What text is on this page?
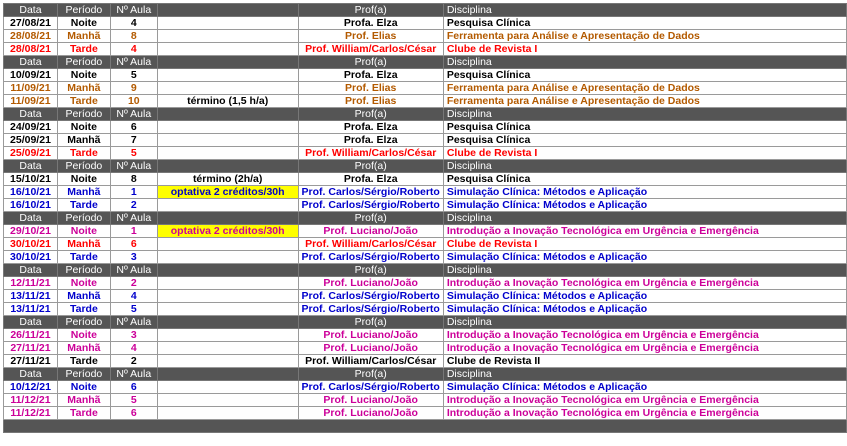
Data	Período	Nº Aula		Prof(a)	Disciplina
27/08/21	Noite	4		Profa. Elza	Pesquisa Clínica
28/08/21	Manhã	8		Prof. Elias	Ferramenta para Análise e Apresentação de Dados
28/08/21	Tarde	4		Prof. William/Carlos/César	Clube de Revista I
Data	Período	Nº Aula		Prof(a)	Disciplina
10/09/21	Noite	5		Profa. Elza	Pesquisa Clínica
11/09/21	Manhã	9		Prof. Elias	Ferramenta para Análise e Apresentação de Dados
11/09/21	Tarde	10	término (1,5 h/a)	Prof. Elias	Ferramenta para Análise e Apresentação de Dados
Data	Período	Nº Aula		Prof(a)	Disciplina
24/09/21	Noite	6		Profa. Elza	Pesquisa Clínica
25/09/21	Manhã	7		Profa. Elza	Pesquisa Clínica
25/09/21	Tarde	5		Prof. William/Carlos/César	Clube de Revista I
Data	Período	Nº Aula		Prof(a)	Disciplina
15/10/21	Noite	8	término (2h/a)	Profa. Elza	Pesquisa Clínica
16/10/21	Manhã	1	optativa 2 créditos/30h	Prof. Carlos/Sérgio/Roberto	Simulação Clínica: Métodos e Aplicação
16/10/21	Tarde	2		Prof. Carlos/Sérgio/Roberto	Simulação Clínica: Métodos e Aplicação
Data	Período	Nº Aula		Prof(a)	Disciplina
29/10/21	Noite	1	optativa 2 créditos/30h	Prof. Luciano/João	Introdução a Inovação Tecnológica em Urgência e Emergência
30/10/21	Manhã	6		Prof. William/Carlos/César	Clube de Revista I
30/10/21	Tarde	3		Prof. Carlos/Sérgio/Roberto	Simulação Clínica: Métodos e Aplicação
Data	Período	Nº Aula		Prof(a)	Disciplina
12/11/21	Noite	2		Prof. Luciano/João	Introdução a Inovação Tecnológica em Urgência e Emergência
13/11/21	Manhã	4		Prof. Carlos/Sérgio/Roberto	Simulação Clínica: Métodos e Aplicação
13/11/21	Tarde	5		Prof. Carlos/Sérgio/Roberto	Simulação Clínica: Métodos e Aplicação
Data	Período	Nº Aula		Prof(a)	Disciplina
26/11/21	Noite	3		Prof. Luciano/João	Introdução a Inovação Tecnológica em Urgência e Emergência
27/11/21	Manhã	4		Prof. Luciano/João	Introdução a Inovação Tecnológica em Urgência e Emergência
27/11/21	Tarde	2		Prof. William/Carlos/César	Clube de Revista II
Data	Período	Nº Aula		Prof(a)	Disciplina
10/12/21	Noite	6		Prof. Carlos/Sérgio/Roberto	Simulação Clínica: Métodos e Aplicação
11/12/21	Manhã	5		Prof. Luciano/João	Introdução a Inovação Tecnológica em Urgência e Emergência
11/12/21	Tarde	6		Prof. Luciano/João	Introdução a Inovação Tecnológica em Urgência e Emergência
